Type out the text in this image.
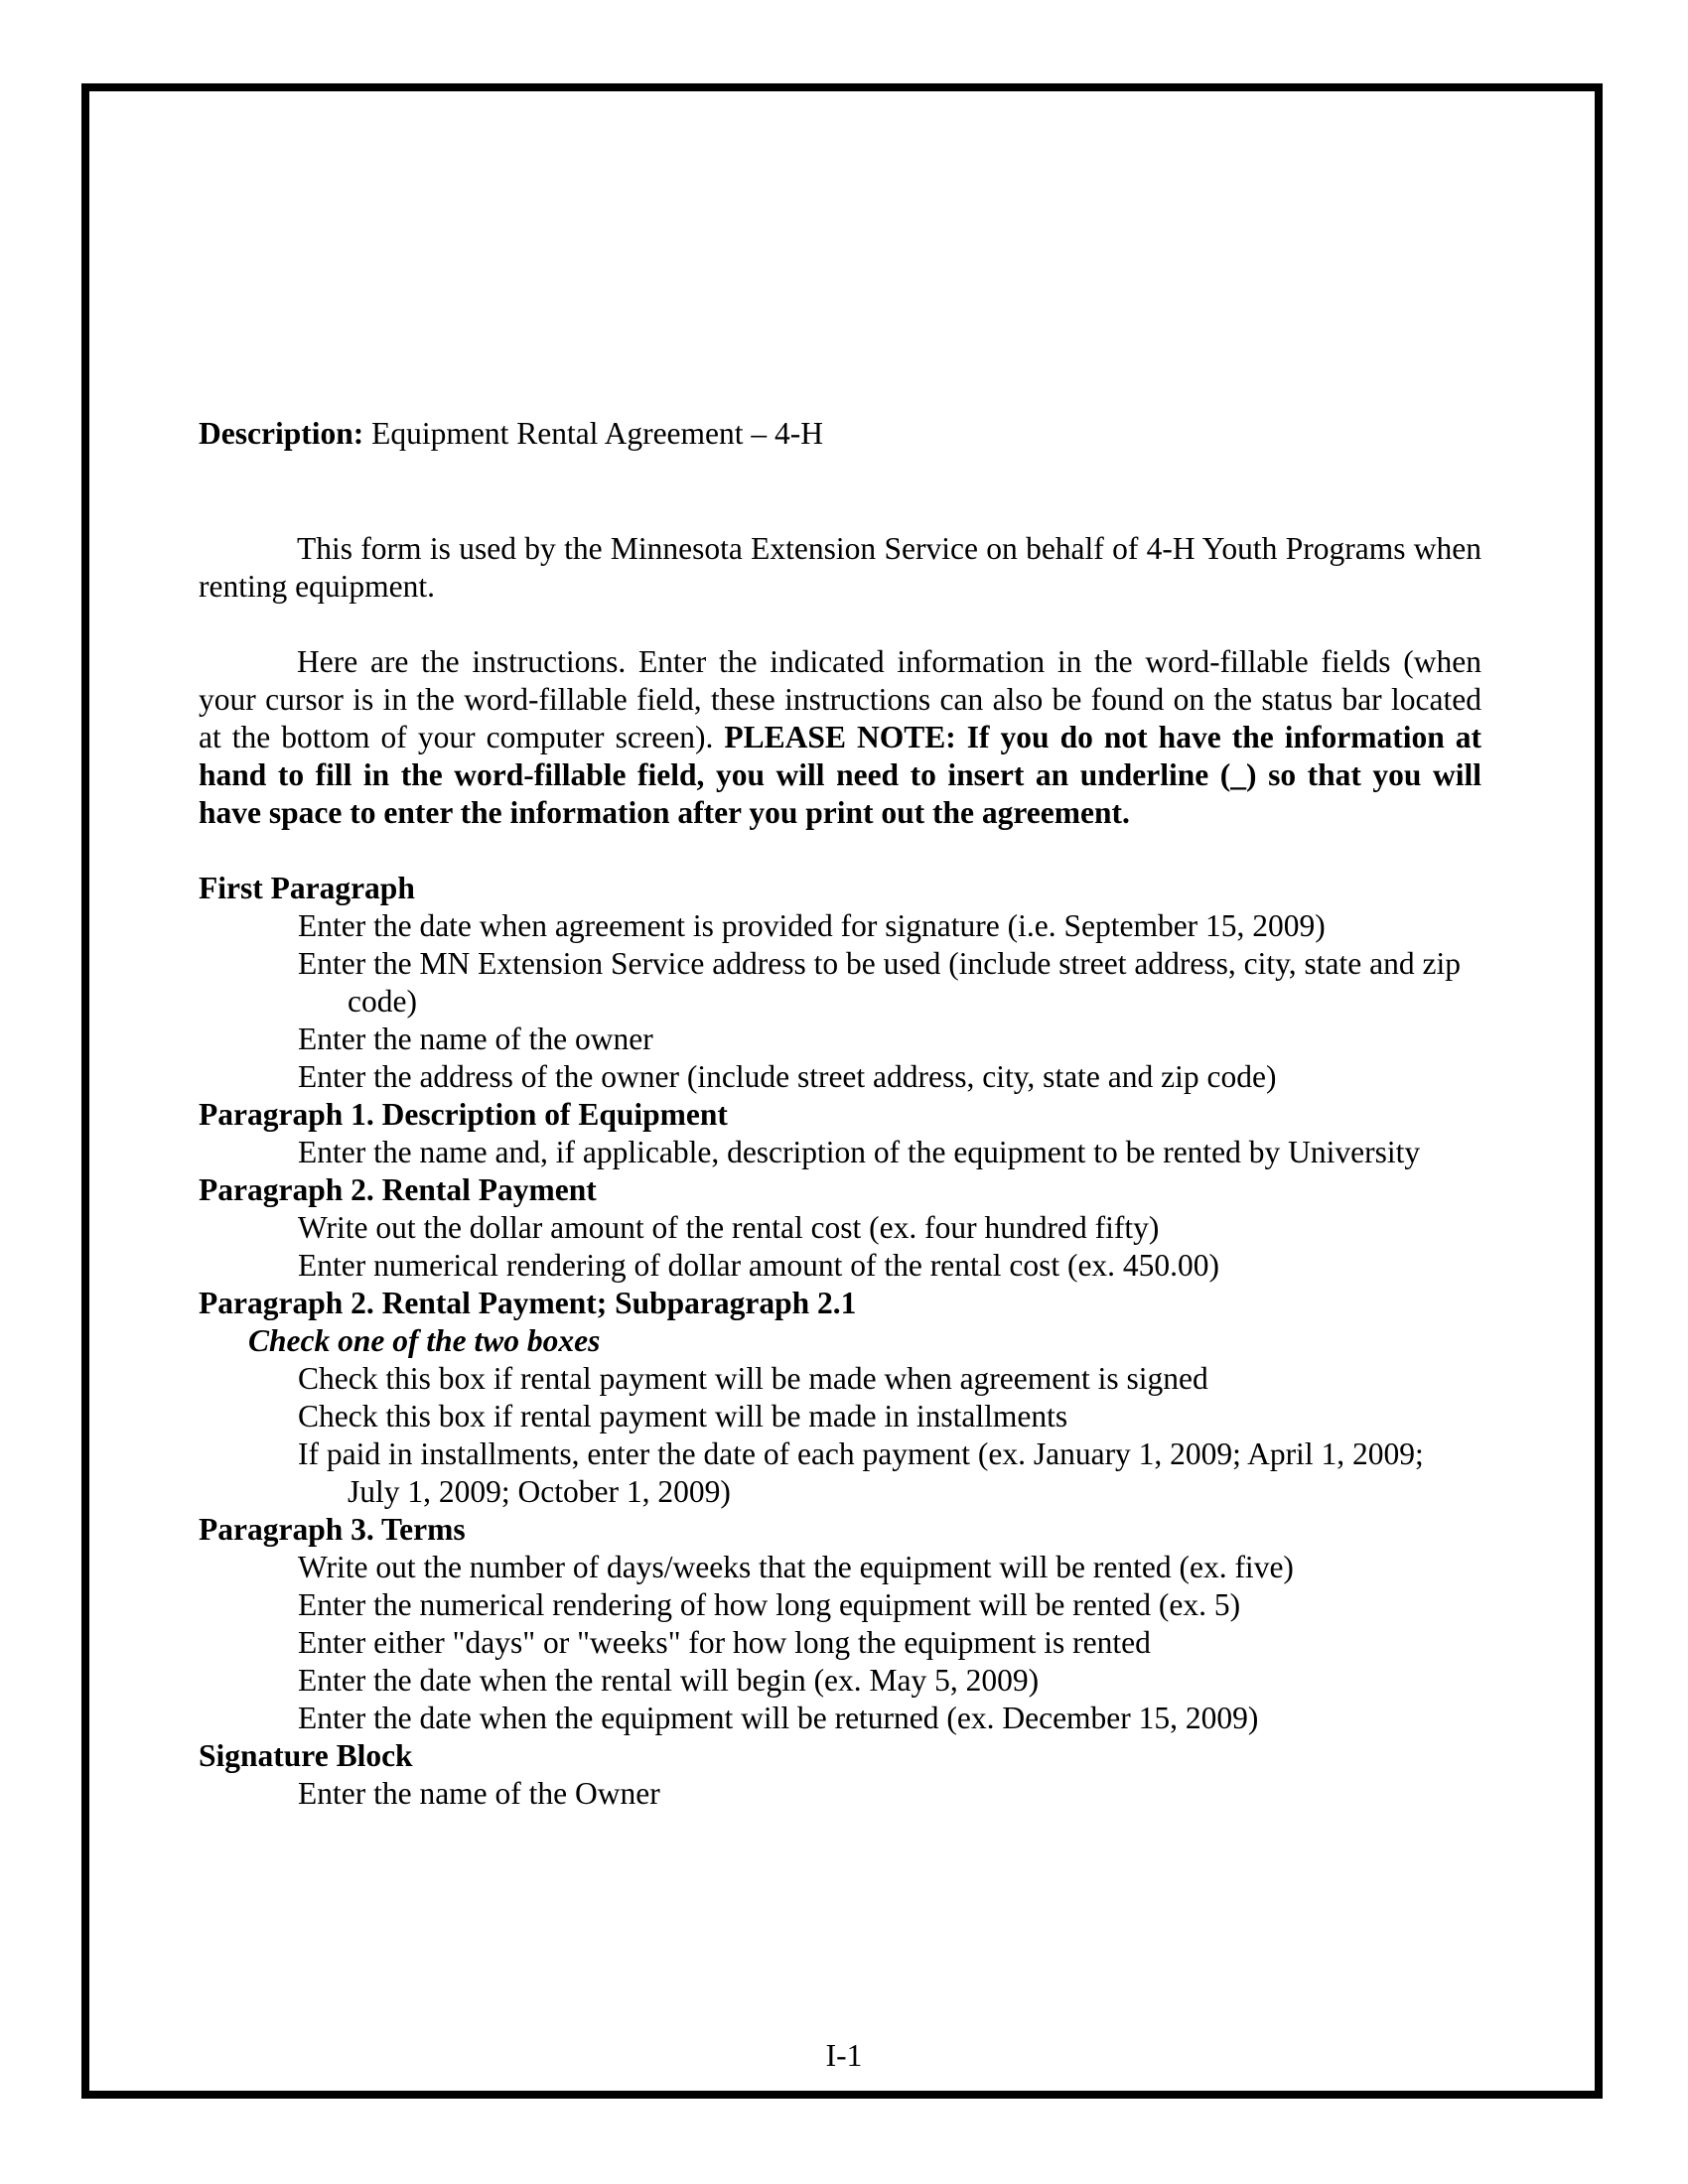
Description: Equipment Rental Agreement – 4-H

This form is used by the Minnesota Extension Service on behalf of 4-H Youth Programs when renting equipment.

Here are the instructions. Enter the indicated information in the word-fillable fields (when your cursor is in the word-fillable field, these instructions can also be found on the status bar located at the bottom of your computer screen). PLEASE NOTE: If you do not have the information at hand to fill in the word-fillable field, you will need to insert an underline (_) so that you will have space to enter the information after you print out the agreement.

First Paragraph

Enter the date when agreement is provided for signature (i.e. September 15, 2009)

Enter the MN Extension Service address to be used (include street address, city, state and zip code)

Enter the name of the owner

Enter the address of the owner (include street address, city, state and zip code)

Paragraph 1. Description of Equipment

Enter the name and, if applicable, description of the equipment to be rented by University

Paragraph 2. Rental Payment

Write out the dollar amount of the rental cost (ex. four hundred fifty)

Enter numerical rendering of dollar amount of the rental cost (ex. 450.00)

Paragraph 2. Rental Payment; Subparagraph 2.1

Check one of the two boxes

Check this box if rental payment will be made when agreement is signed

Check this box if rental payment will be made in installments

If paid in installments, enter the date of each payment (ex. January 1, 2009; April 1, 2009; July 1, 2009; October 1, 2009)

Paragraph 3. Terms

Write out the number of days/weeks that the equipment will be rented (ex. five)

Enter the numerical rendering of how long equipment will be rented (ex. 5)

Enter either "days" or "weeks" for how long the equipment is rented

Enter the date when the rental will begin (ex. May 5, 2009)

Enter the date when the equipment will be returned (ex. December 15, 2009)

Signature Block

Enter the name of the Owner

I-1
